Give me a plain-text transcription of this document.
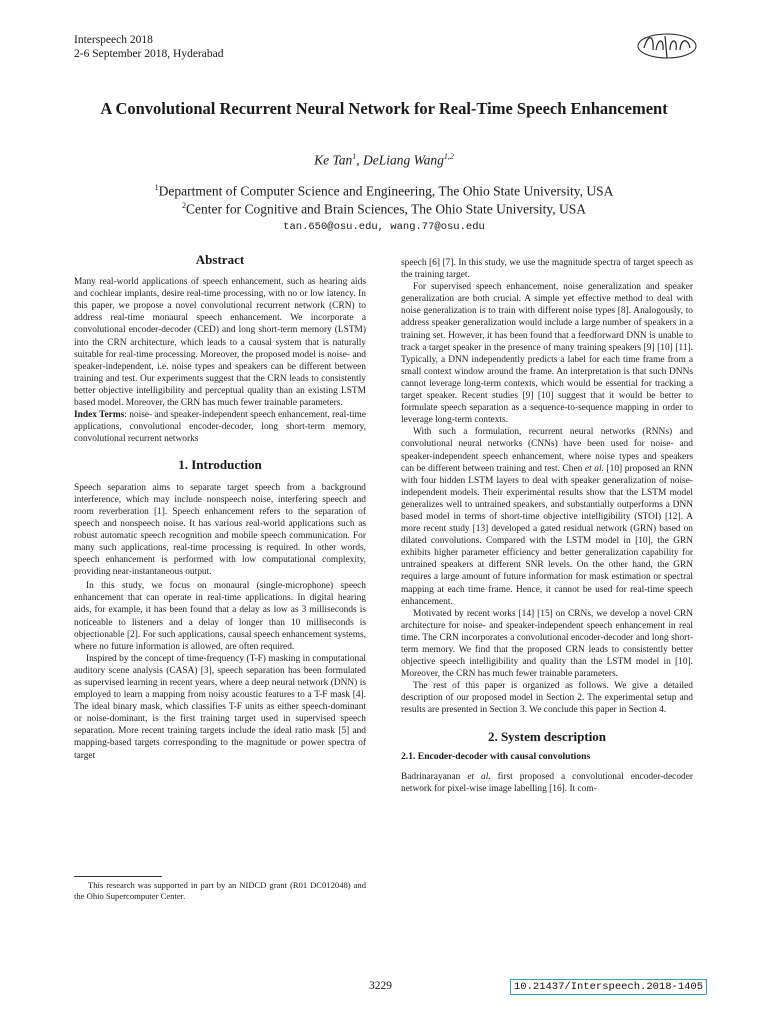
Interspeech 2018
2-6 September 2018, Hyderabad
A Convolutional Recurrent Neural Network for Real-Time Speech Enhancement
Ke Tan$^1$, DeLiang Wang$^{1,2}$
$^1$Department of Computer Science and Engineering, The Ohio State University, USA
$^2$Center for Cognitive and Brain Sciences, The Ohio State University, USA
tan.650@osu.edu, wang.77@osu.edu

Abstract

Many real-world applications of speech enhancement, such as hearing aids and cochlear implants, desire real-time processing, with no or low latency. In this paper, we propose a novel convolutional recurrent network (CRN) to address real-time monaural speech enhancement. We incorporate a convolutional encoder-decoder (CED) and long short-term memory (LSTM) into the CRN architecture, which leads to a causal system that is naturally suitable for real-time processing. Moreover, the proposed model is noise- and speaker-independent, i.e. noise types and speakers can be different between training and test. Our experiments suggest that the CRN leads to consistently better objective intelligibility and perceptual quality than an existing LSTM based model. Moreover, the CRN has much fewer trainable parameters.

Index Terms: noise- and speaker-independent speech enhancement, real-time applications, convolutional encoder-decoder, long short-term memory, convolutional recurrent networks

1. Introduction

Speech separation aims to separate target speech from a background interference, which may include nonspeech noise, interfering speech and room reverberation [1]. Speech enhancement refers to the separation of speech and nonspeech noise. It has various real-world applications such as robust automatic speech recognition and mobile speech communication. For many such applications, real-time processing is required. In other words, speech enhancement is performed with low computational complexity, providing near-instantaneous output.

In this study, we focus on monaural (single-microphone) speech enhancement that can operate in real-time applications. In digital hearing aids, for example, it has been found that a delay as low as 3 milliseconds is noticeable to listeners and a delay of longer than 10 milliseconds is objectionable [2]. For such applications, causal speech enhancement systems, where no future information is allowed, are often required.

Inspired by the concept of time-frequency (T-F) masking in computational auditory scene analysis (CASA) [3], speech separation has been formulated as supervised learning in recent years, where a deep neural network (DNN) is employed to learn a mapping from noisy acoustic features to a T-F mask [4]. The ideal binary mask, which classifies T-F units as either speech-dominant or noise-dominant, is the first training target used in supervised speech separation. More recent training targets include the ideal ratio mask [5] and mapping-based targets corresponding to the magnitude or power spectra of target

This research was supported in part by an NIDCD grant (R01 DC012048) and the Ohio Supercomputer Center.

speech [6] [7]. In this study, we use the magnitude spectra of target speech as the training target.

For supervised speech enhancement, noise generalization and speaker generalization are both crucial. A simple yet effective method to deal with noise generalization is to train with different noise types [8]. Analogously, to address speaker generalization would include a large number of speakers in a training set. However, it has been found that a feedforward DNN is unable to track a target speaker in the presence of many training speakers [9] [10] [11]. Typically, a DNN independently predicts a label for each time frame from a small context window around the frame. An interpretation is that such DNNs cannot leverage long-term contexts, which would be essential for tracking a target speaker. Recent studies [9] [10] suggest that it would be better to formulate speech separation as a sequence-to-sequence mapping in order to leverage long-term contexts.

With such a formulation, recurrent neural networks (RNNs) and convolutional neural networks (CNNs) have been used for noise- and speaker-independent speech enhancement, where noise types and speakers can be different between training and test. Chen et al. [10] proposed an RNN with four hidden LSTM layers to deal with speaker generalization of noise-independent models. Their experimental results show that the LSTM model generalizes well to untrained speakers, and substantially outperforms a DNN based model in terms of short-time objective intelligibility (STOI) [12]. A more recent study [13] developed a gated residual network (GRN) based on dilated convolutions. Compared with the LSTM model in [10], the GRN exhibits higher parameter efficiency and better generalization capability for untrained speakers at different SNR levels. On the other hand, the GRN requires a large amount of future information for mask estimation or spectral mapping at each time frame. Hence, it cannot be used for real-time speech enhancement.

Motivated by recent works [14] [15] on CRNs, we develop a novel CRN architecture for noise- and speaker-independent speech enhancement in real time. The CRN incorporates a convolutional encoder-decoder and long short-term memory. We find that the proposed CRN leads to consistently better objective speech intelligibility and quality than the LSTM model in [10]. Moreover, the CRN has much fewer trainable parameters.

The rest of this paper is organized as follows. We give a detailed description of our proposed model in Section 2. The experimental setup and results are presented in Section 3. We conclude this paper in Section 4.

2. System description

2.1. Encoder-decoder with causal convolutions

Badrinarayanan et al. first proposed a convolutional encoder-decoder network for pixel-wise image labelling [16]. It com-

3229	10.21437/Interspeech.2018-1405
